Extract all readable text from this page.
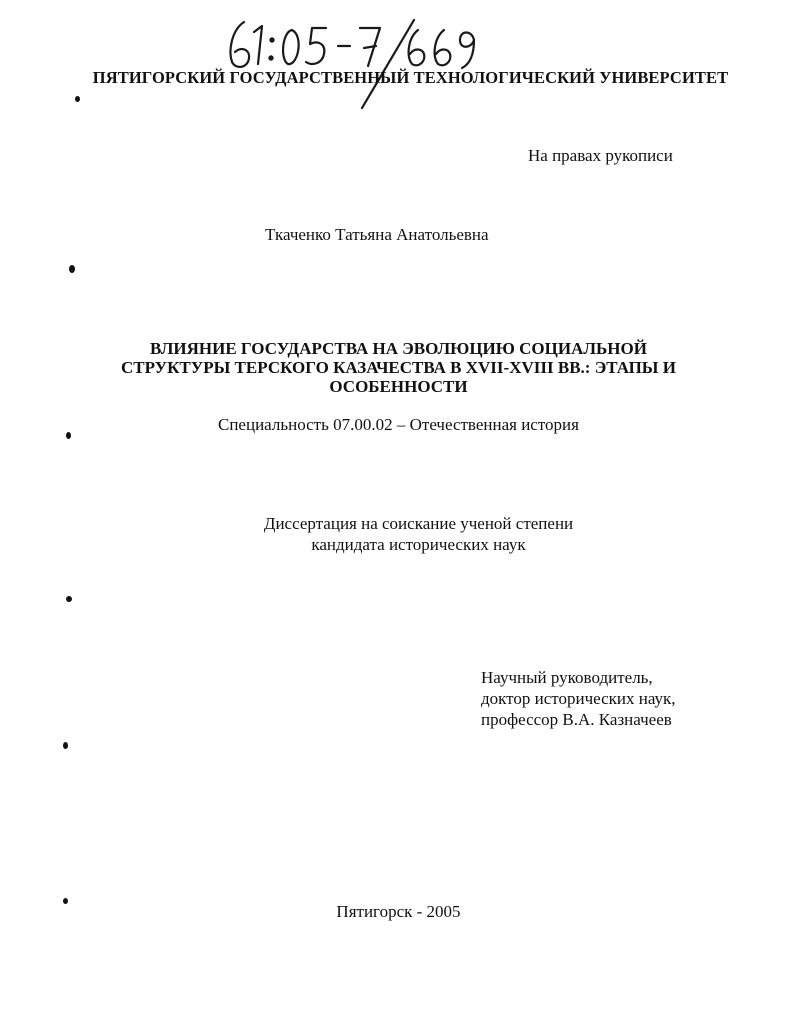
ПЯТИГОРСКИЙ ГОСУДАРСТВЕННЫЙ ТЕХНОЛОГИЧЕСКИЙ УНИВЕРСИТЕТ
На правах рукописи
Ткаченко Татьяна Анатольевна
ВЛИЯНИЕ ГОСУДАРСТВА НА ЭВОЛЮЦИЮ СОЦИАЛЬНОЙ
СТРУКТУРЫ ТЕРСКОГО КАЗАЧЕСТВА В XVII-XVIII ВВ.: ЭТАПЫ И
ОСОБЕННОСТИ
Специальность 07.00.02 – Отечественная история
Диссертация на соискание ученой степени
кандидата исторических наук
Научный руководитель,
доктор исторических наук,
профессор В.А. Казначеев
Пятигорск - 2005
